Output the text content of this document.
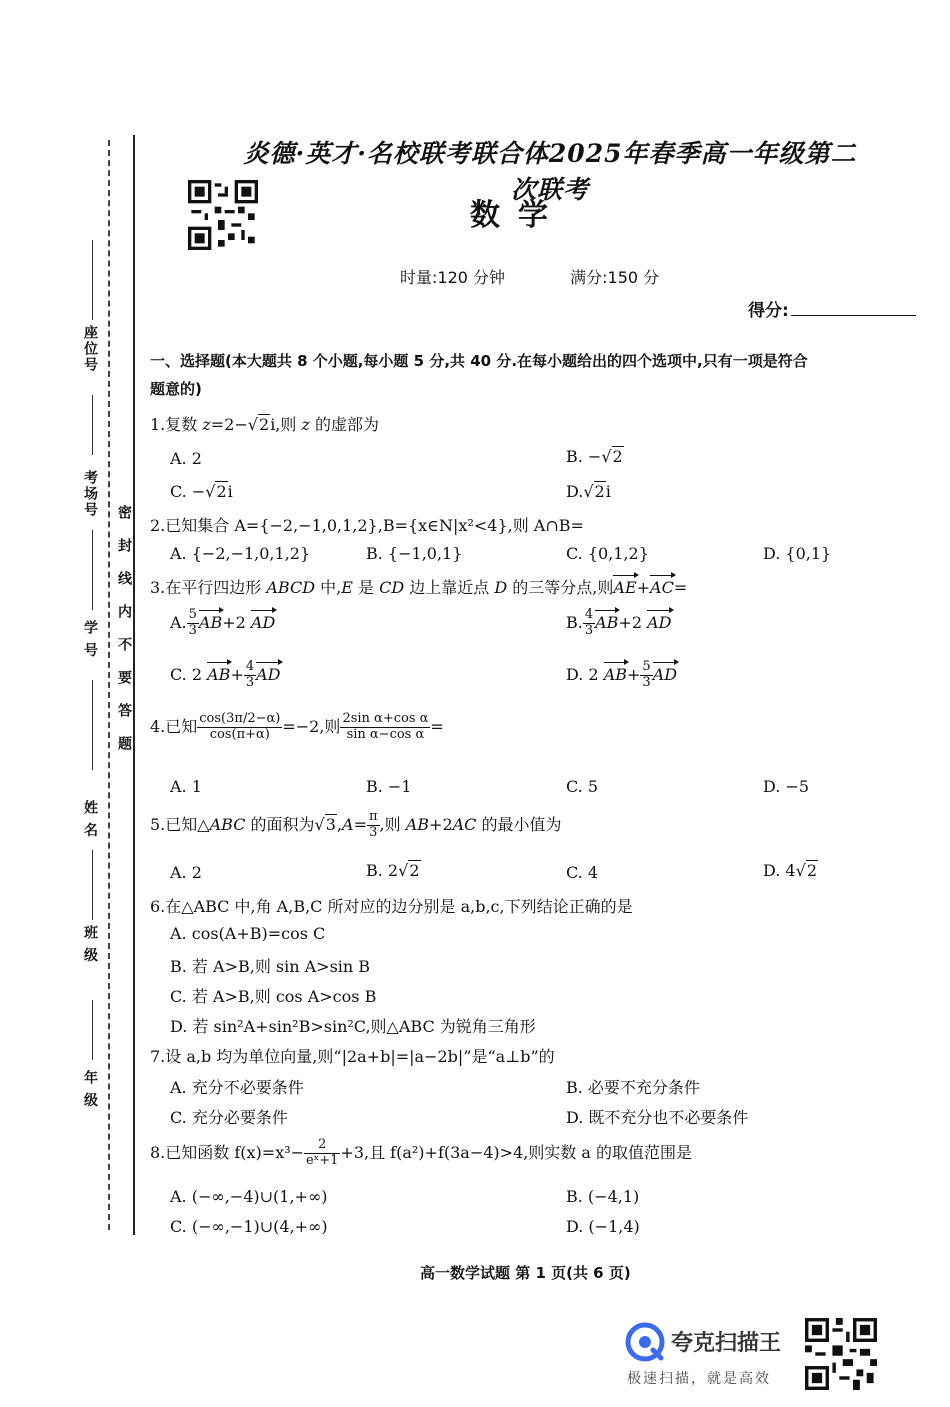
座位号
考场号
学 号
姓 名
班 级
年 级
密封线内不要答题
炎德·英才·名校联考联合体2025年春季高一年级第二次联考
数学
时量:120 分钟	满分:150 分
得分:
一、选择题(本大题共 8 个小题,每小题 5 分,共 40 分.在每小题给出的四个选项中,只有一项是符合
题意的)
1.复数 z=2−√2i,则 z 的虚部为
A. 2	B. −√2
C. −√2i	D.√2i
2.已知集合 A={−2,−1,0,1,2},B={x∈N|x²<4},则 A∩B=
A. {−2,−1,0,1,2}	B. {−1,0,1}	C. {0,1,2}	D. {0,1}
3.在平行四边形 ABCD 中,E 是 CD 边上靠近点 D 的三等分点,则AE+AC=
A. $\frac{5}{3} AB+2$ AD	B. $\frac{4}{3} AB+2$ AD
C. 2 $AB+ \frac{4}{3}$ AD	D. 2 $AB+ \frac{5}{3}$ AD
4.已知 $\frac{\cos(3\pi/2-\alpha)}{\cos(\pi+\alpha)} =-2$,则 $\frac{\text{2sin α+cos α}}{\text{sin α−cos α}}$ =
A. 1	B. −1	C. 5	D. −5
5.已知△ABC 的面积为$√3,A= \frac{\pi}{3}$ ,则 AB+2AC 的最小值为
A. 2	B. 2√2	C. 4	D. 4√2
6.在△ABC 中,角 A,B,C 所对应的边分别是 a,b,c,下列结论正确的是
A. cos(A+B)=cos C
B. 若 A>B,则 sin A>sin B
C. 若 A>B,则 cos A>cos B
D. 若 sin²A+sin²B>sin²C,则△ABC 为锐角三角形
7.设 a,b 均为单位向量,则“|2a+b|=|a−2b|”是“a⊥b”的
A. 充分不必要条件	B. 必要不充分条件
C. 充分必要条件	D. 既不充分也不必要条件
8.已知函数 $f(x)=x^3- \frac{2}{\text{eˣ+1}} +3$,且 f(a²)+f(3a−4)>4,则实数 a 的取值范围是
A. (−∞,−4)∪(1,+∞)	B. (−4,1)
C. (−∞,−1)∪(4,+∞)	D. (−1,4)
高一数学试题 第 1 页(共 6 页)
夸克扫描王
极速扫描，就是高效
